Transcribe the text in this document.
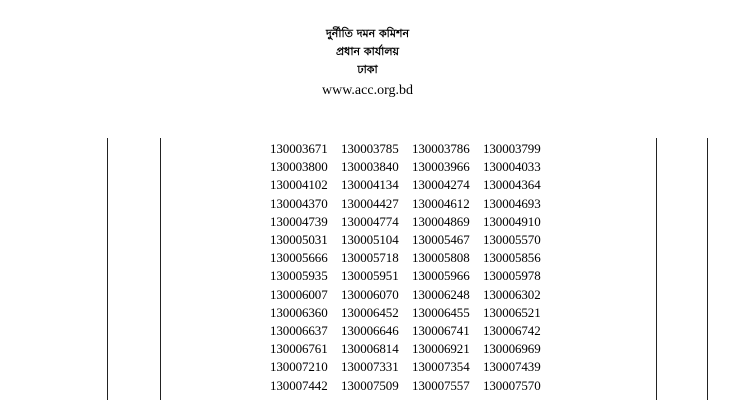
দুর্নীতি দমন কমিশন
প্রধান কার্যালয়
ঢাকা
www.acc.org.bd
130003671	130003785	130003786	130003799
130003800	130003840	130003966	130004033
130004102	130004134	130004274	130004364
130004370	130004427	130004612	130004693
130004739	130004774	130004869	130004910
130005031	130005104	130005467	130005570
130005666	130005718	130005808	130005856
130005935	130005951	130005966	130005978
130006007	130006070	130006248	130006302
130006360	130006452	130006455	130006521
130006637	130006646	130006741	130006742
130006761	130006814	130006921	130006969
130007210	130007331	130007354	130007439
130007442	130007509	130007557	130007570
